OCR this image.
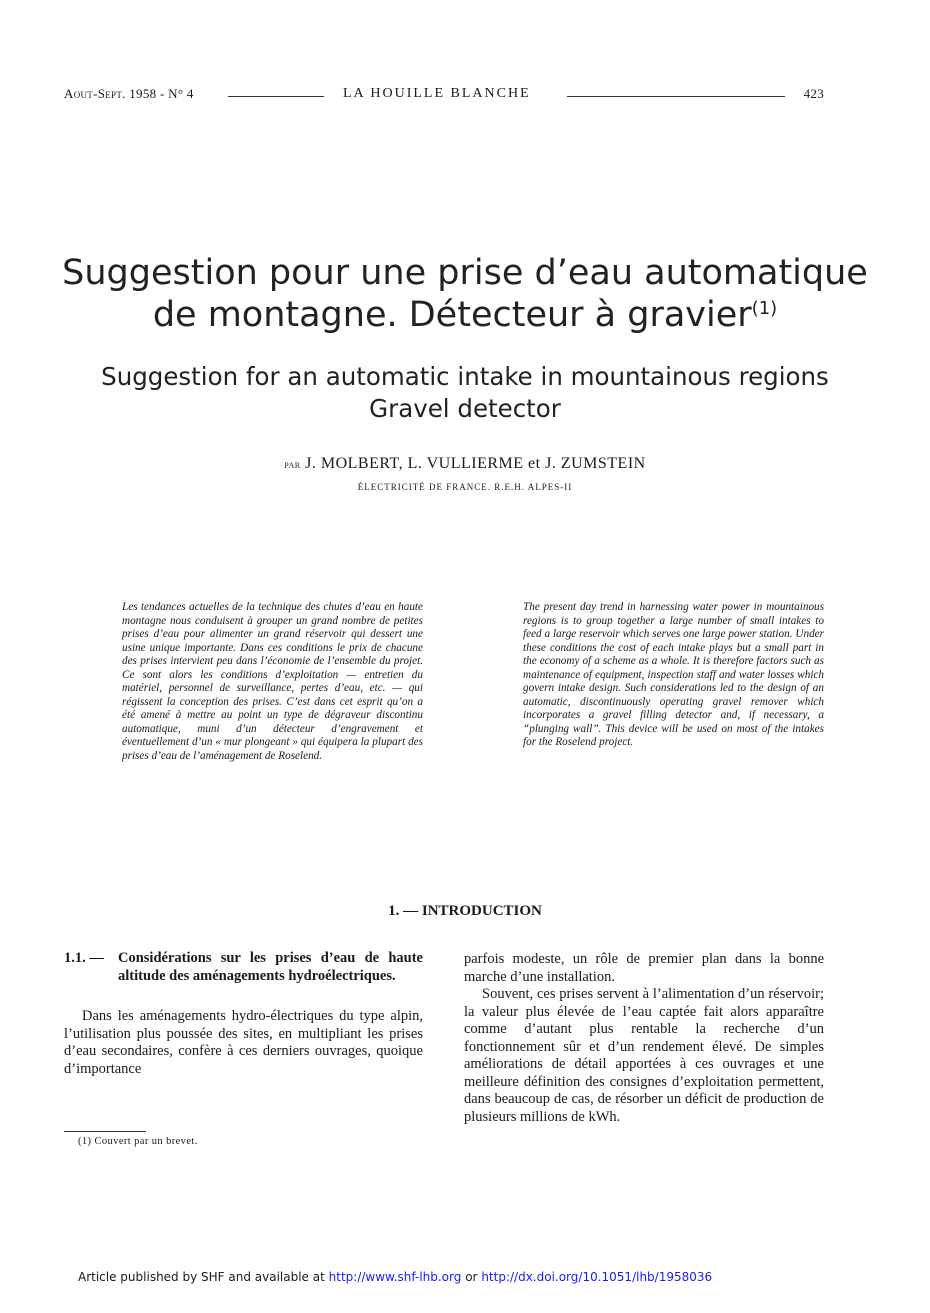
Aout-Sept. 1958 - N° 4	LA HOUILLE BLANCHE	423
Suggestion pour une prise d’eau automatique
de montagne. Détecteur à gravier$^{(1)}$
Suggestion for an automatic intake in mountainous regions
Gravel detector
par J. MOLBERT, L. VULLIERME et J. ZUMSTEIN
ÉLECTRICITÉ DE FRANCE. R.E.H. ALPES-II
Les tendances actuelles de la technique des chutes d’eau en haute montagne nous conduisent à grouper un grand nombre de petites prises d’eau pour alimenter un grand réservoir qui dessert une usine unique importante. Dans ces conditions le prix de chacune des prises intervient peu dans l’économie de l’ensemble du projet. Ce sont alors les conditions d’exploitation — entretien du matériel, personnel de surveillance, pertes d’eau, etc. — qui régissent la conception des prises. C’est dans cet esprit qu’on a été amené à mettre au point un type de dégraveur discontinu automatique, muni d’un détecteur d’engravement et éventuellement d’un « mur plongeant » qui équipera la plupart des prises d’eau de l’aménagement de Roselend.
The present day trend in harnessing water power in mountainous regions is to group together a large number of small intakes to feed a large reservoir which serves one large power station. Under these conditions the cost of each intake plays but a small part in the economy of a scheme as a whole. It is therefore factors such as maintenance of equipment, inspection staff and water losses which govern intake design. Such considerations led to the design of an automatic, discontinuously operating gravel remover which incorporates a gravel filling detector and, if necessary, a “plunging wall”. This device will be used on most of the intakes for the Roselend project.
1. — INTRODUCTION
1.1. — Considérations sur les prises d’eau de haute altitude des aménagements hydroélectriques.
Dans les aménagements hydro-électriques du type alpin, l’utilisation plus poussée des sites, en multipliant les prises d’eau secondaires, confère à ces derniers ouvrages, quoique d’importance
parfois modeste, un rôle de premier plan dans la bonne marche d’une installation.
Souvent, ces prises servent à l’alimentation d’un réservoir; la valeur plus élevée de l’eau captée fait alors apparaître comme d’autant plus rentable la recherche d’un fonctionnement sûr et d’un rendement élevé. De simples améliorations de détail apportées à ces ouvrages et une meilleure définition des consignes d’exploitation permettent, dans beaucoup de cas, de résorber un déficit de production de plusieurs millions de kWh.
(1) Couvert par un brevet.
Article published by SHF and available at http://www.shf-lhb.org or http://dx.doi.org/10.1051/lhb/1958036
